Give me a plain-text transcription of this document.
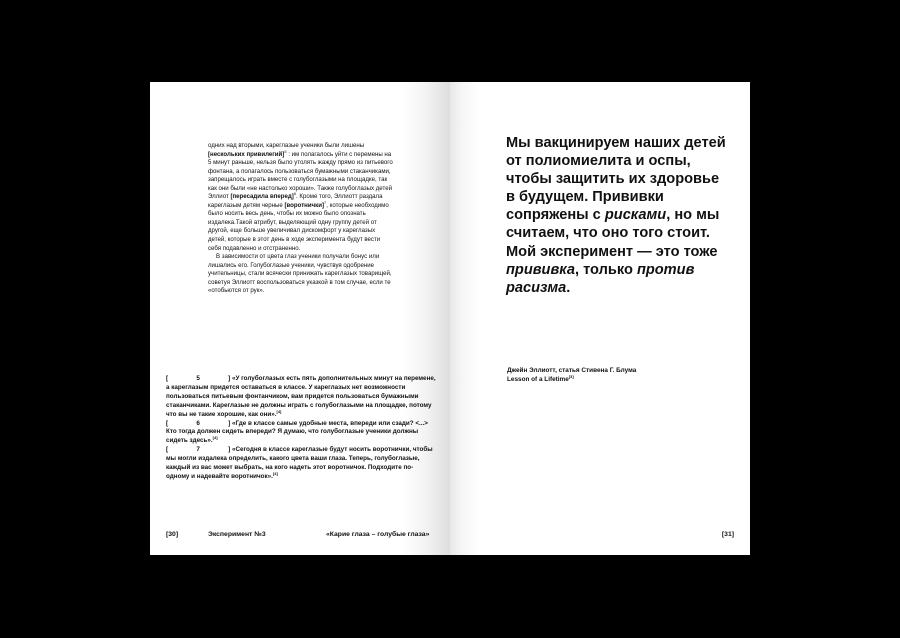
одних над вторыми, кареглазые ученики были лишены [нескольких привилегий]$^5$ : им полагалось уйти с перемены на 5 минут раньше, нельзя было утолять жажду прямо из питьевого фонтана, а полагалось пользоваться бумажными стаканчиками, запрещалось играть вместе с голубоглазыми на площадке, так как они были «не настолько хороши». Также голубоглазых детей Эллиот [пересадила вперед]$^6$. Кроме того, Эллиотт раздала кареглазым детям черные [воротнички]$^7$, которые необходимо было носить весь день, чтобы их можно было опознать издалека.Такой атрибут, выделяющий одну группу детей от другой, еще больше увеличивал дискомфорт у кареглазых детей, которые в этот день в ходе эксперимента будут вести себя подавленно и отстраненно.

В зависимости от цвета глаз ученики получали бонус или лишались его. Голубоглазые ученики, чувствуя одобрение учительницы, стали всячески принижать кареглазых товарищей, советуя Эллиотт воспользоваться указкой в том случае, если те «отобьются от рук».

[	5	] «У голубоглазых есть пять дополнительных минут на перемене, а кареглазым придется оставаться в классе. У кареглазых нет возможности пользоваться питьевым фонтанчиком, вам придется пользоваться бумажными стаканчиками. Кареглазые не должны играть с голубоглазыми на площадке, потому что вы не такие хорошие, как они».[4]

[	6	] «Где в классе самые удобные места, впереди или сзади? <...> Кто тогда должен сидеть впереди? Я думаю, что голубоглазые ученики должны сидеть здесь».[4]

[	7	] «Сегодня в классе кареглазые будут носить воротнички, чтобы мы могли издалека определить, какого цвета ваши глаза. Теперь, голубоглазые, каждый из вас может выбрать, на кого надеть этот воротничок. Подходите по-одному и надевайте воротничок».[4]

[30]	Эксперимент №3	«Карие глаза – голубые глаза»
Мы вакцинируем наших детей от полиомиелита и оспы, чтобы защитить их здоровье в будущем. Прививки сопряжены с рисками, но мы считаем, что оно того стоит. Мой эксперимент — это тоже прививка, только против расизма.
Джейн Эллиотт, статья Стивена Г. Блума
Lesson of a Lifetime[3]
[31]
